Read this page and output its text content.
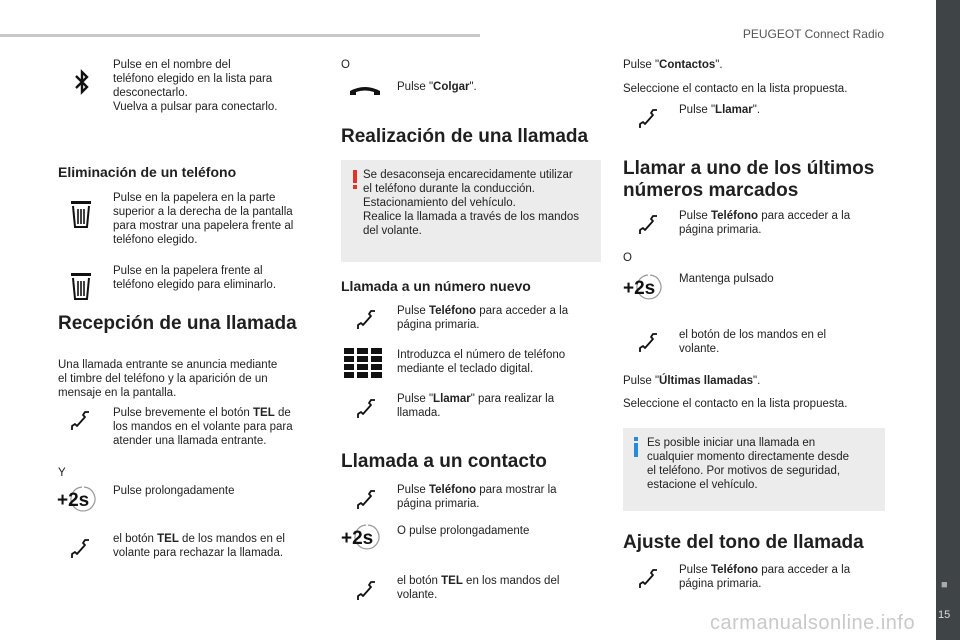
PEUGEOT Connect Radio
■
15
carmanualsonline.info
Pulse en el nombre del
teléfono elegido en la lista para
desconectarlo.
Vuelva a pulsar para conectarlo.
Eliminación de un teléfono
Pulse en la papelera en la parte
superior a la derecha de la pantalla
para mostrar una papelera frente al
teléfono elegido.
Pulse en la papelera frente al
teléfono elegido para eliminarlo.
Recepción de una llamada
Una llamada entrante se anuncia mediante
el timbre del teléfono y la aparición de un
mensaje en la pantalla.
Pulse brevemente el botón TEL de
los mandos en el volante para para
atender una llamada entrante.
Y
+2s Pulse prolongadamente
el botón TEL de los mandos en el
volante para rechazar la llamada.
O
Pulse "Colgar".
Realización de una llamada
Se desaconseja encarecidamente utilizar
el teléfono durante la conducción.
Estacionamiento del vehículo.
Realice la llamada a través de los mandos
del volante.
Llamada a un número nuevo
Pulse Teléfono para acceder a la
página primaria.
Introduzca el número de teléfono
mediante el teclado digital.
Pulse "Llamar" para realizar la
llamada.
Llamada a un contacto
Pulse Teléfono para mostrar la
página primaria.
+2s O pulse prolongadamente
el botón TEL en los mandos del
volante.
Pulse "Contactos".
Seleccione el contacto en la lista propuesta.
Pulse "Llamar".
Llamar a uno de los últimos
números marcados
Pulse Teléfono para acceder a la
página primaria.
O
+2s Mantenga pulsado
el botón de los mandos en el
volante.
Pulse "Últimas llamadas".
Seleccione el contacto en la lista propuesta.
Es posible iniciar una llamada en
cualquier momento directamente desde
el teléfono. Por motivos de seguridad,
estacione el vehículo.
Ajuste del tono de llamada
Pulse Teléfono para acceder a la
página primaria.
